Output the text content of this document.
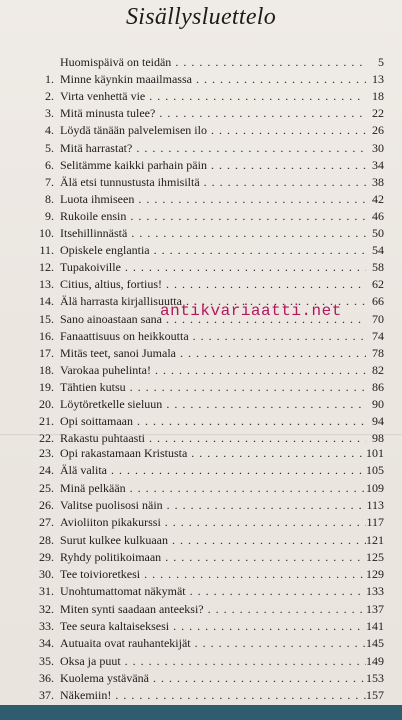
Sisällysluettelo
Huomispäivä on teidän . . .	5
1. Minne käynkin maailmassa . . .	13
2. Virta venhettä vie . . .	18
3. Mitä minusta tulee? . . .	22
4. Löydä tänään palvelemisen ilo . . .	26
5. Mitä harrastat? . . .	30
6. Selitämme kaikki parhain päin . . .	34
7. Älä etsi tunnustusta ihmisiltä . . .	38
8. Luota ihmiseen . . .	42
9. Rukoile ensin . . .	46
10. Itsehillinnästä . . .	50
11. Opiskele englantia . . .	54
12. Tupakoiville . . .	58
13. Citius, altius, fortius! . . .	62
14. Älä harrasta kirjallisuutta . . .	66
15. Sano ainoastaan sana . . .	70
16. Fanaattisuus on heikkoutta . . .	74
17. Mitäs teet, sanoi Jumala . . .	78
18. Varokaa puhelinta! . . .	82
19. Tähtien kutsu . . .	86
20. Löytöretkelle sieluun . . .	90
21. Opi soittamaan . . .	94
22. Rakastu puhtaasti . . .	98
23. Opi rakastamaan Kristusta . . .	101
24. Älä valita . . .	105
25. Minä pelkään . . .	109
26. Valitse puolisosi näin . . .	113
27. Avioliiton pikakurssi . . .	117
28. Surut kulkee kulkuaan . . .	121
29. Ryhdy politikoimaan . . .	125
30. Tee toivioretkesi . . .	129
31. Unohtumattomat näkymät . . .	133
32. Miten synti saadaan anteeksi? . . .	137
33. Tee seura kaltaiseksesi . . .	141
34. Autuaita ovat rauhantekijät . . .	145
35. Oksa ja puut . . .	149
36. Kuolema ystävänä . . .	153
37. Näkemiin! . . .	157
antikvariaatti.net
